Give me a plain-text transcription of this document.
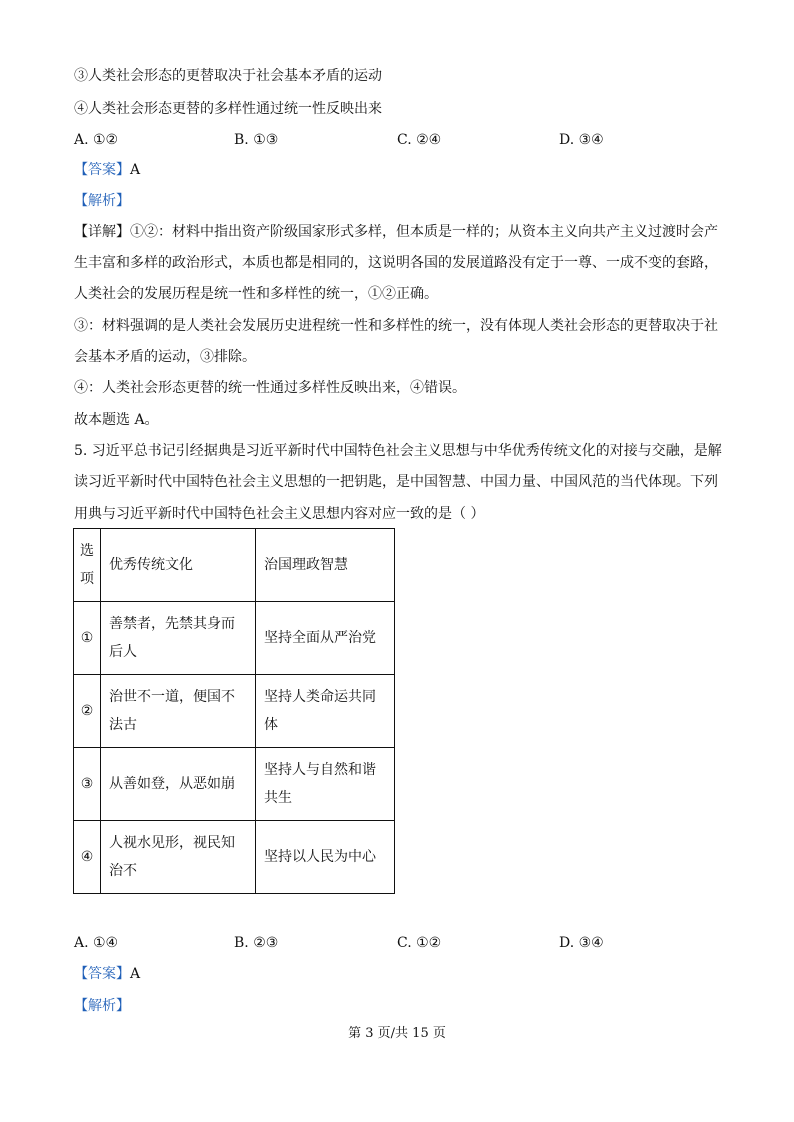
③人类社会形态的更替取决于社会基本矛盾的运动
④人类社会形态更替的多样性通过统一性反映出来
A. ①②	B. ①③	C. ②④	D. ③④
【答案】A
【解析】
【详解】①②：材料中指出资产阶级国家形式多样，但本质是一样的；从资本主义向共产主义过渡时会产
生丰富和多样的政治形式，本质也都是相同的，这说明各国的发展道路没有定于一尊、一成不变的套路，
人类社会的发展历程是统一性和多样性的统一，①②正确。
③：材料强调的是人类社会发展历史进程统一性和多样性的统一，没有体现人类社会形态的更替取决于社
会基本矛盾的运动，③排除。
④：人类社会形态更替的统一性通过多样性反映出来，④错误。
故本题选 A。
5. 习近平总书记引经据典是习近平新时代中国特色社会主义思想与中华优秀传统文化的对接与交融，是解
读习近平新时代中国特色社会主义思想的一把钥匙，是中国智慧、中国力量、中国风范的当代体现。下列
用典与习近平新时代中国特色社会主义思想内容对应一致的是（ ）
选项	优秀传统文化	治国理政智慧
①	善禁者，先禁其身而后人	坚持全面从严治党
②	治世不一道，便国不法古	坚持人类命运共同体
③	从善如登，从恶如崩	坚持人与自然和谐共生
④	人视水见形，视民知治不	坚持以人民为中心
A. ①④	B. ②③	C. ①②	D. ③④
【答案】A
【解析】
第 3 页/共 15 页
